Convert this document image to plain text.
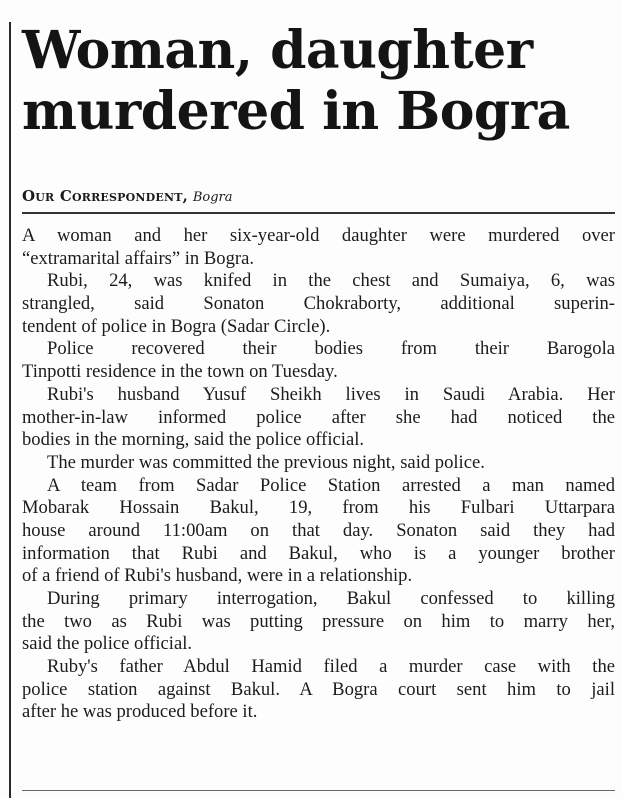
Woman, daughter
murdered in Bogra
Our Correspondent, Bogra
A woman and her six-year-old daughter were murdered over
“extramarital affairs” in Bogra.
Rubi, 24, was knifed in the chest and Sumaiya, 6, was
strangled, said Sonaton Chokraborty, additional superin-
tendent of police in Bogra (Sadar Circle).
Police recovered their bodies from their Barogola
Tinpotti residence in the town on Tuesday.
Rubi's husband Yusuf Sheikh lives in Saudi Arabia. Her
mother-in-law informed police after she had noticed the
bodies in the morning, said the police official.
The murder was committed the previous night, said police.
A team from Sadar Police Station arrested a man named
Mobarak Hossain Bakul, 19, from his Fulbari Uttarpara
house around 11:00am on that day. Sonaton said they had
information that Rubi and Bakul, who is a younger brother
of a friend of Rubi's husband, were in a relationship.
During primary interrogation, Bakul confessed to killing
the two as Rubi was putting pressure on him to marry her,
said the police official.
Ruby's father Abdul Hamid filed a murder case with the
police station against Bakul. A Bogra court sent him to jail
after he was produced before it.
